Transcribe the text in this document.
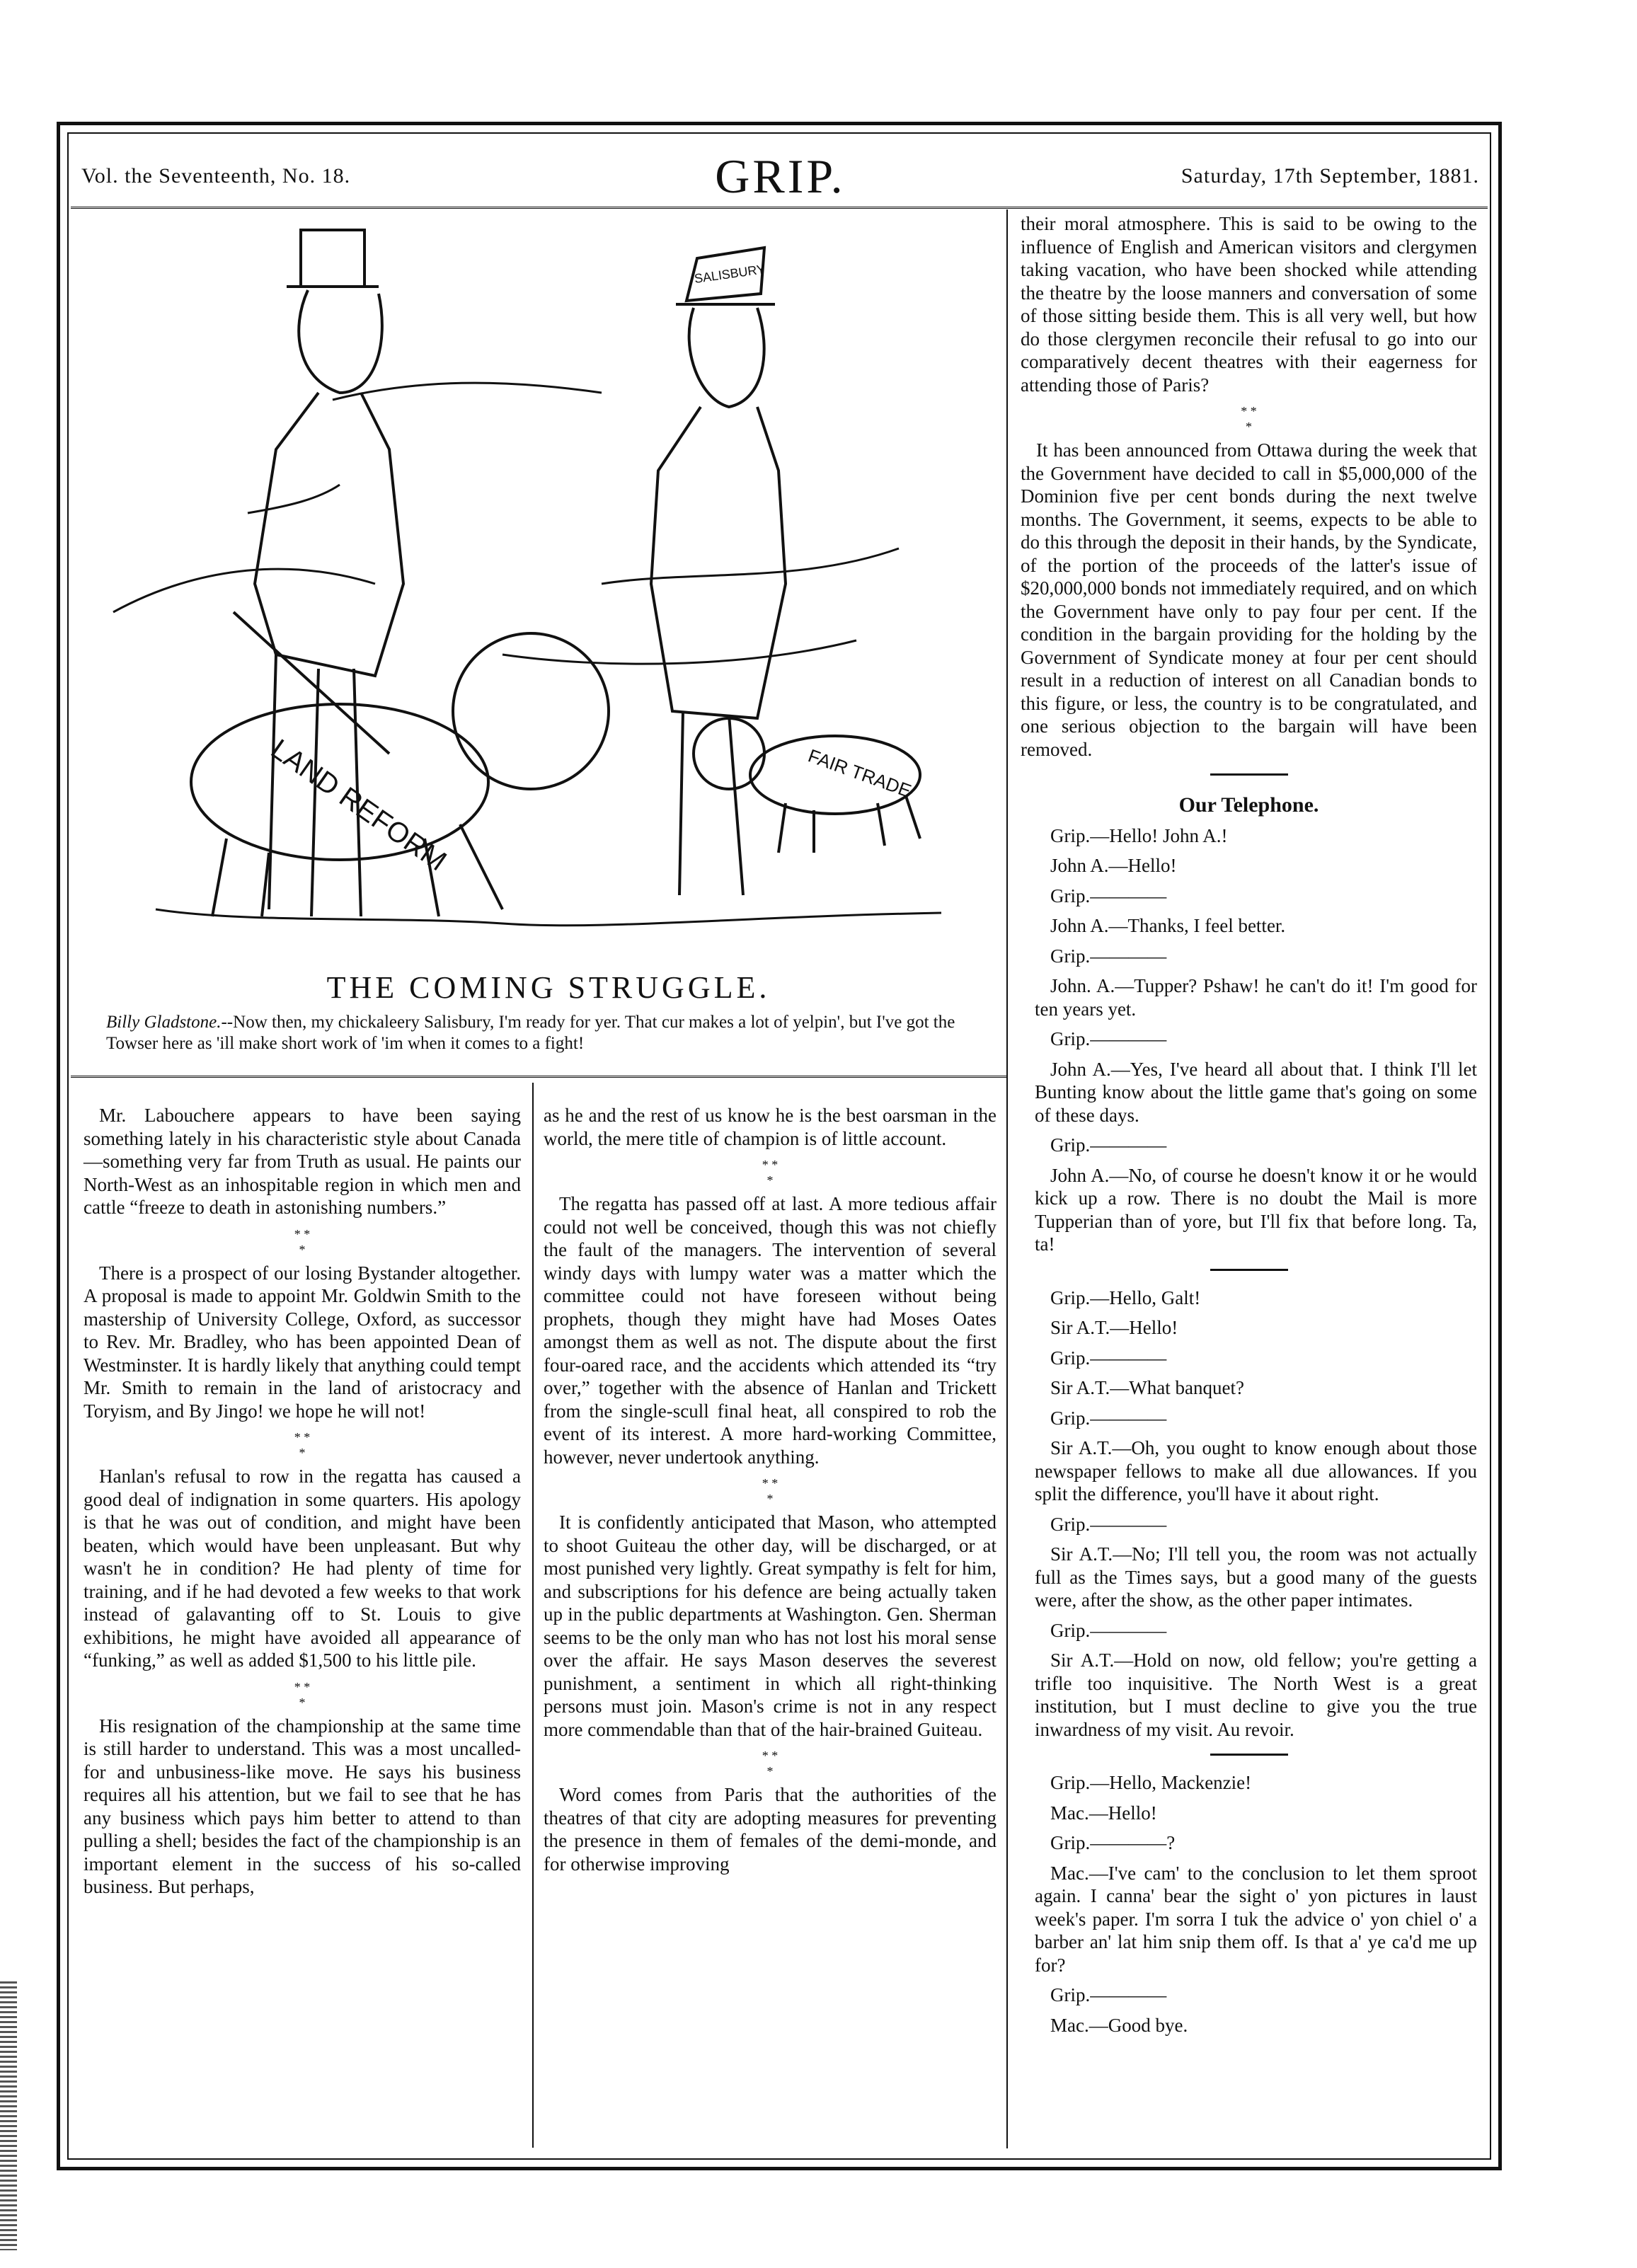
Vol. the Seventeenth, No. 18.	GRIP.	Saturday, 17th September, 1881.
LAND REFORM	FAIR TRADE
SALISBURY
THE COMING STRUGGLE.
Billy Gladstone.--Now then, my chickaleery Salisbury, I'm ready for yer. That cur makes a lot of yelpin', but I've got the Towser here as 'ill make short work of 'im when it comes to a fight!

Mr. Labouchere appears to have been saying something lately in his characteristic style about Canada—something very far from Truth as usual. He paints our North-West as an inhospitable region in which men and cattle “freeze to death in astonishing numbers.”

* *
*

There is a prospect of our losing Bystander altogether. A proposal is made to appoint Mr. Goldwin Smith to the mastership of University College, Oxford, as successor to Rev. Mr. Bradley, who has been appointed Dean of Westminster. It is hardly likely that anything could tempt Mr. Smith to remain in the land of aristocracy and Toryism, and By Jingo! we hope he will not!

* *
*

Hanlan's refusal to row in the regatta has caused a good deal of indignation in some quarters. His apology is that he was out of condition, and might have been beaten, which would have been unpleasant. But why wasn't he in condition? He had plenty of time for training, and if he had devoted a few weeks to that work instead of galavanting off to St. Louis to give exhibitions, he might have avoided all appearance of “funking,” as well as added $1,500 to his little pile.

* *
*

His resignation of the championship at the same time is still harder to understand. This was a most uncalled-for and unbusiness-like move. He says his business requires all his attention, but we fail to see that he has any business which pays him better to attend to than pulling a shell; besides the fact of the championship is an important element in the success of his so-called business. But perhaps,

as he and the rest of us know he is the best oarsman in the world, the mere title of champion is of little account.

* *
*

The regatta has passed off at last. A more tedious affair could not well be conceived, though this was not chiefly the fault of the managers. The intervention of several windy days with lumpy water was a matter which the committee could not have foreseen without being prophets, though they might have had Moses Oates amongst them as well as not. The dispute about the first four-oared race, and the accidents which attended its “try over,” together with the absence of Hanlan and Trickett from the single-scull final heat, all conspired to rob the event of its interest. A more hard-working Committee, however, never undertook anything.

* *
*

It is confidently anticipated that Mason, who attempted to shoot Guiteau the other day, will be discharged, or at most punished very lightly. Great sympathy is felt for him, and subscriptions for his defence are being actually taken up in the public departments at Washington. Gen. Sherman seems to be the only man who has not lost his moral sense over the affair. He says Mason deserves the severest punishment, a sentiment in which all right-thinking persons must join. Mason's crime is not in any respect more commendable than that of the hair-brained Guiteau.

* *
*

Word comes from Paris that the authorities of the theatres of that city are adopting measures for preventing the presence in them of females of the demi-monde, and for otherwise improving

their moral atmosphere. This is said to be owing to the influence of English and American visitors and clergymen taking vacation, who have been shocked while attending the theatre by the loose manners and conversation of some of those sitting beside them. This is all very well, but how do those clergymen reconcile their refusal to go into our comparatively decent theatres with their eagerness for attending those of Paris?

* *
*

It has been announced from Ottawa during the week that the Government have decided to call in $5,000,000 of the Dominion five per cent bonds during the next twelve months. The Government, it seems, expects to be able to do this through the deposit in their hands, by the Syndicate, of the portion of the proceeds of the latter's issue of $20,000,000 bonds not immediately required, and on which the Government have only to pay four per cent. If the condition in the bargain providing for the holding by the Government of Syndicate money at four per cent should result in a reduction of interest on all Canadian bonds to this figure, or less, the country is to be congratulated, and one serious objection to the bargain will have been removed.

Our Telephone.

Grip.—Hello! John A.!

John A.—Hello!

Grip.————

John A.—Thanks, I feel better.

Grip.————

John. A.—Tupper? Pshaw! he can't do it! I'm good for ten years yet.

Grip.————

John A.—Yes, I've heard all about that. I think I'll let Bunting know about the little game that's going on some of these days.

Grip.————

John A.—No, of course he doesn't know it or he would kick up a row. There is no doubt the Mail is more Tupperian than of yore, but I'll fix that before long. Ta, ta!

Grip.—Hello, Galt!

Sir A.T.—Hello!

Grip.————

Sir A.T.—What banquet?

Grip.————

Sir A.T.—Oh, you ought to know enough about those newspaper fellows to make all due allowances. If you split the difference, you'll have it about right.

Grip.————

Sir A.T.—No; I'll tell you, the room was not actually full as the Times says, but a good many of the guests were, after the show, as the other paper intimates.

Grip.————

Sir A.T.—Hold on now, old fellow; you're getting a trifle too inquisitive. The North West is a great institution, but I must decline to give you the true inwardness of my visit. Au revoir.

Grip.—Hello, Mackenzie!

Mac.—Hello!

Grip.————?

Mac.—I've cam' to the conclusion to let them sproot again. I canna' bear the sight o' yon pictures in laust week's paper. I'm sorra I tuk the advice o' yon chiel o' a barber an' lat him snip them off. Is that a' ye ca'd me up for?

Grip.————

Mac.—Good bye.
